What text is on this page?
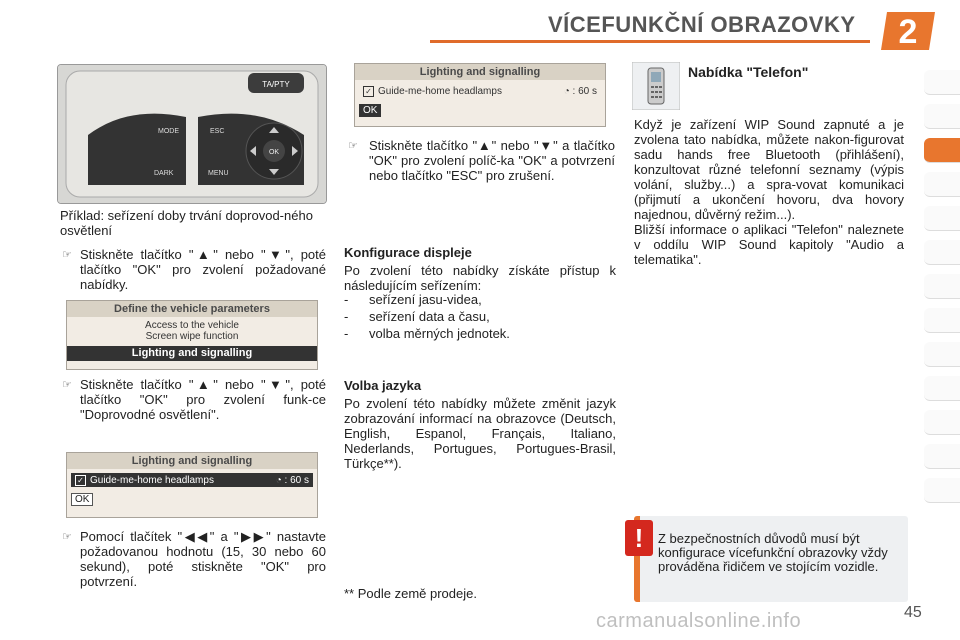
VÍCEFUNKČNÍ OBRAZOVKY 2
TA/PTY
MODE
DARK
ESC
MENU
OK
Příklad: seřízení doby trvání doprovod-ného osvětlení
☞ Stiskněte tlačítko "▲" nebo "▼", poté tlačítko "OK" pro zvolení požadované nabídky.
Define the vehicle parameters
Access to the vehicle
Screen wipe function
Lighting and signalling
☞ Stiskněte tlačítko "▲" nebo "▼", poté tlačítko "OK" pro zvolení funk-ce "Doprovodné osvětlení".
Lighting and signalling
✓ Guide-me-home headlamps	◔ : 60 s
OK
☞ Pomocí tlačítek "◀◀" a "▶▶" nastavte požadovanou hodnotu (15, 30 nebo 60 sekund), poté stiskněte "OK" pro potvrzení.
Lighting and signalling
✓ Guide-me-home headlamps	◔ : 60 s
OK
☞ Stiskněte tlačítko "▲" nebo "▼" a tlačítko "OK" pro zvolení políč-ka "OK" a potvrzení nebo tlačítko "ESC" pro zrušení.
Konfigurace displeje
Po zvolení této nabídky získáte přístup k následujícím seřízením:
- seřízení jasu-videa,
- seřízení data a času,
- volba měrných jednotek.
Volba jazyka
Po zvolení této nabídky můžete změnit jazyk zobrazování informací na obrazovce (Deutsch, English, Espanol, Français, Italiano, Nederlands, Portugues, Portugues-Brasil, Türkçe**).
** Podle země prodeje.
Nabídka "Telefon"
Když je zařízení WIP Sound zapnuté a je zvolena tato nabídka, můžete nakon-figurovat sadu hands free Bluetooth (přihlášení), konzultovat různé telefonní seznamy (výpis volání, služby...) a spra-vovat komunikaci (přijmutí a ukončení hovoru, dva hovory najednou, důvěrný režim...).
Bližší informace o aplikaci "Telefon" naleznete v oddílu WIP Sound kapitoly "Audio a telematika".
!	Z bezpečnostních důvodů musí být konfigurace vícefunkční obrazovky vždy prováděna řidičem ve stojícím vozidle.
carmanualsonline.info	45
